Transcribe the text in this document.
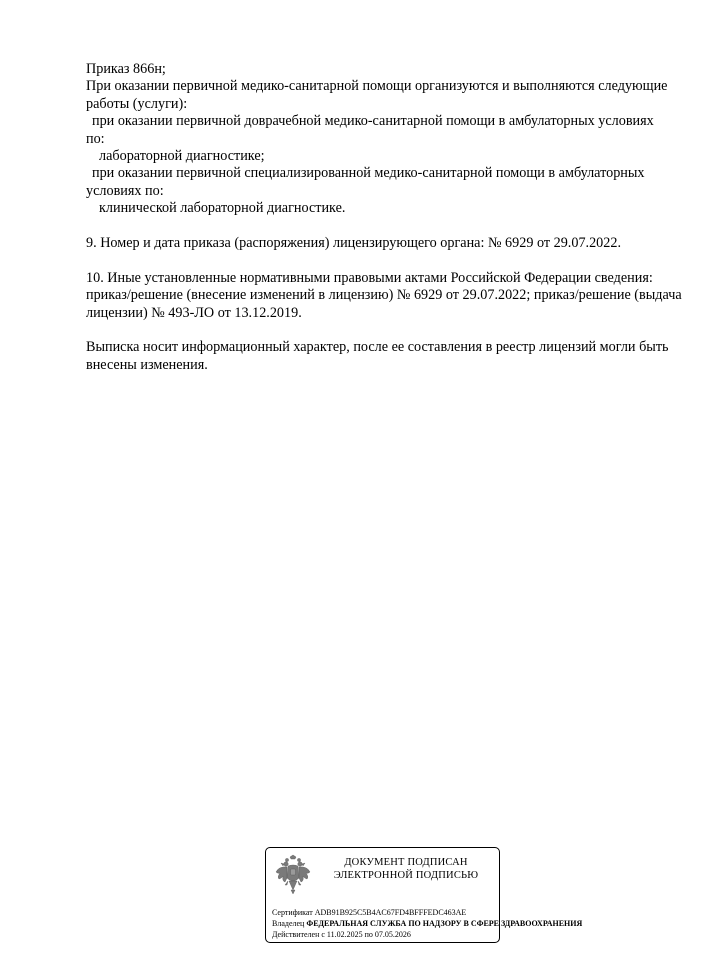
Приказ 866н;

При оказании первичной медико-санитарной помощи организуются и выполняются следующие

работы (услуги):

при оказании первичной доврачебной медико-санитарной помощи в амбулаторных условиях

по:

лабораторной диагностике;

при оказании первичной специализированной медико-санитарной помощи в амбулаторных

условиях по:

клинической лабораторной диагностике.

9. Номер и дата приказа (распоряжения) лицензирующего органа: № 6929 от 29.07.2022.

10. Иные установленные нормативными правовыми актами Российской Федерации сведения:

приказ/решение (внесение изменений в лицензию) № 6929 от 29.07.2022; приказ/решение (выдача

лицензии) № 493-ЛО от 13.12.2019.

Выписка носит информационный характер, после ее составления в реестр лицензий могли быть

внесены изменения.

ДОКУМЕНТ ПОДПИСАН
ЭЛЕКТРОННОЙ ПОДПИСЬЮ
Сертификат ADB91B925C5B4AC67FD4BFFFEDC463AE
Владелец ФЕДЕРАЛЬНАЯ СЛУЖБА ПО НАДЗОРУ В СФЕРЕ ЗДРАВООХРАНЕНИЯ
Действителен с 11.02.2025 по 07.05.2026
